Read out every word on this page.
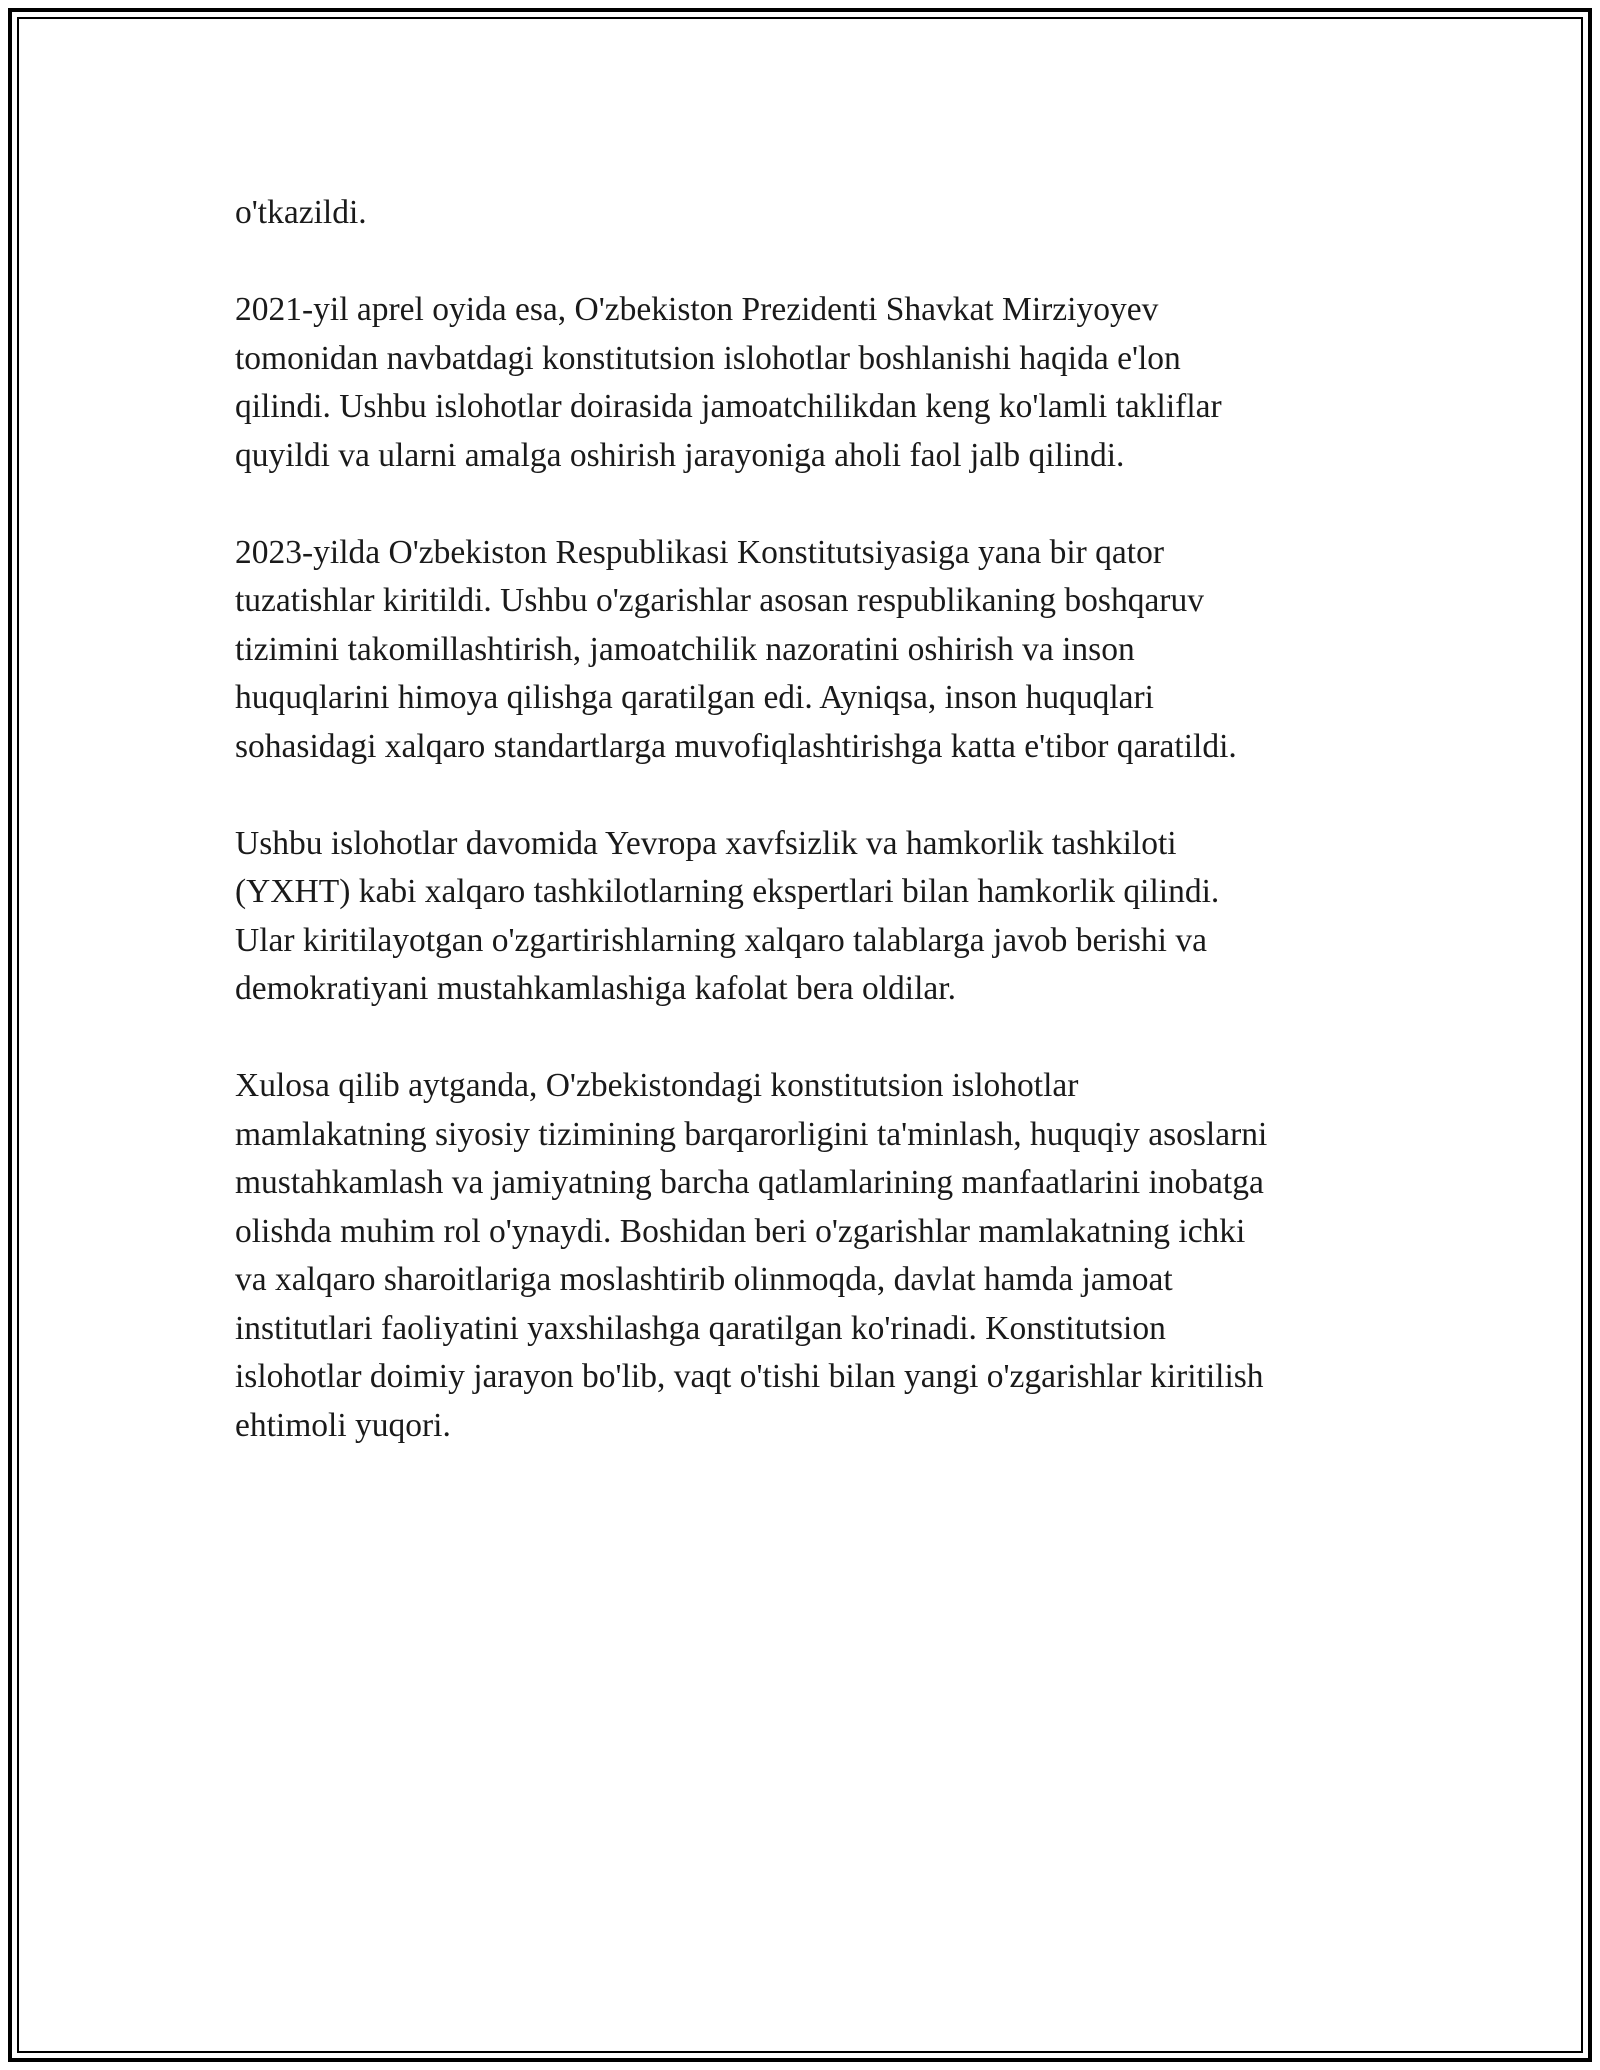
o'tkazildi.

2021-yil aprel oyida esa, O'zbekiston Prezidenti Shavkat Mirziyoyev
tomonidan navbatdagi konstitutsion islohotlar boshlanishi haqida e'lon
qilindi. Ushbu islohotlar doirasida jamoatchilikdan keng ko'lamli takliflar
quyildi va ularni amalga oshirish jarayoniga aholi faol jalb qilindi.

2023-yilda O'zbekiston Respublikasi Konstitutsiyasiga yana bir qator
tuzatishlar kiritildi. Ushbu o'zgarishlar asosan respublikaning boshqaruv
tizimini takomillashtirish, jamoatchilik nazoratini oshirish va inson
huquqlarini himoya qilishga qaratilgan edi. Ayniqsa, inson huquqlari
sohasidagi xalqaro standartlarga muvofiqlashtirishga katta e'tibor qaratildi.

Ushbu islohotlar davomida Yevropa xavfsizlik va hamkorlik tashkiloti
(YXHT) kabi xalqaro tashkilotlarning ekspertlari bilan hamkorlik qilindi.
Ular kiritilayotgan o'zgartirishlarning xalqaro talablarga javob berishi va
demokratiyani mustahkamlashiga kafolat bera oldilar.

Xulosa qilib aytganda, O'zbekistondagi konstitutsion islohotlar
mamlakatning siyosiy tizimining barqarorligini ta'minlash, huquqiy asoslarni
mustahkamlash va jamiyatning barcha qatlamlarining manfaatlarini inobatga
olishda muhim rol o'ynaydi. Boshidan beri o'zgarishlar mamlakatning ichki
va xalqaro sharoitlariga moslashtirib olinmoqda, davlat hamda jamoat
institutlari faoliyatini yaxshilashga qaratilgan ko'rinadi. Konstitutsion
islohotlar doimiy jarayon bo'lib, vaqt o'tishi bilan yangi o'zgarishlar kiritilish
ehtimoli yuqori.
